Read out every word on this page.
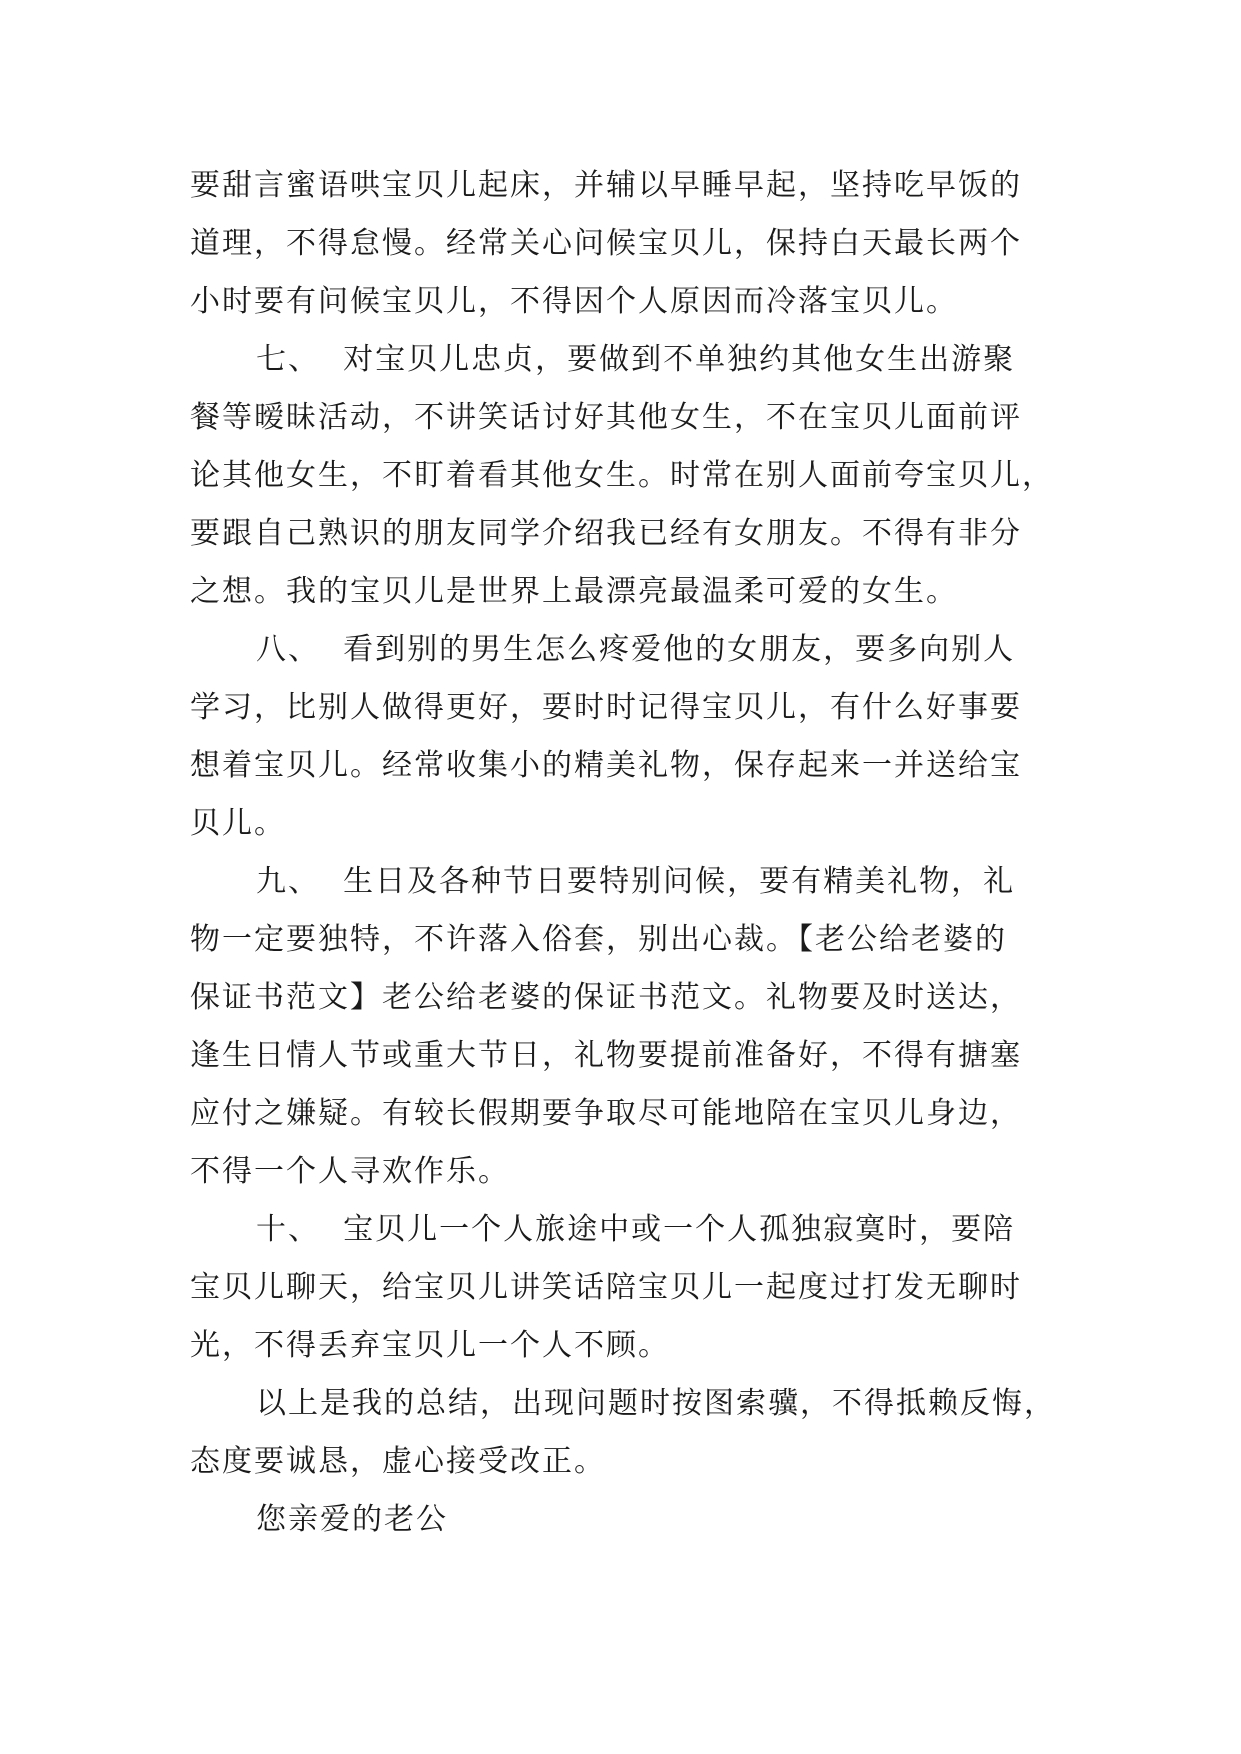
要甜言蜜语哄宝贝儿起床，并辅以早睡早起，坚持吃早饭的
道理，不得怠慢。经常关心问候宝贝儿，保持白天最长两个
小时要有问候宝贝儿，不得因个人原因而冷落宝贝儿。
七、  对宝贝儿忠贞，要做到不单独约其他女生出游聚
餐等暧昧活动，不讲笑话讨好其他女生，不在宝贝儿面前评
论其他女生，不盯着看其他女生。时常在别人面前夸宝贝儿，
要跟自己熟识的朋友同学介绍我已经有女朋友。不得有非分
之想。我的宝贝儿是世界上最漂亮最温柔可爱的女生。
八、  看到别的男生怎么疼爱他的女朋友，要多向别人
学习，比别人做得更好，要时时记得宝贝儿，有什么好事要
想着宝贝儿。经常收集小的精美礼物，保存起来一并送给宝
贝儿。
九、  生日及各种节日要特别问候，要有精美礼物，礼
物一定要独特，不许落入俗套，别出心裁。【老公给老婆的
保证书范文】老公给老婆的保证书范文。礼物要及时送达，
逢生日情人节或重大节日，礼物要提前准备好，不得有搪塞
应付之嫌疑。有较长假期要争取尽可能地陪在宝贝儿身边，
不得一个人寻欢作乐。
十、  宝贝儿一个人旅途中或一个人孤独寂寞时，要陪
宝贝儿聊天，给宝贝儿讲笑话陪宝贝儿一起度过打发无聊时
光，不得丢弃宝贝儿一个人不顾。
以上是我的总结，出现问题时按图索骥，不得抵赖反悔，
态度要诚恳，虚心接受改正。
您亲爱的老公
